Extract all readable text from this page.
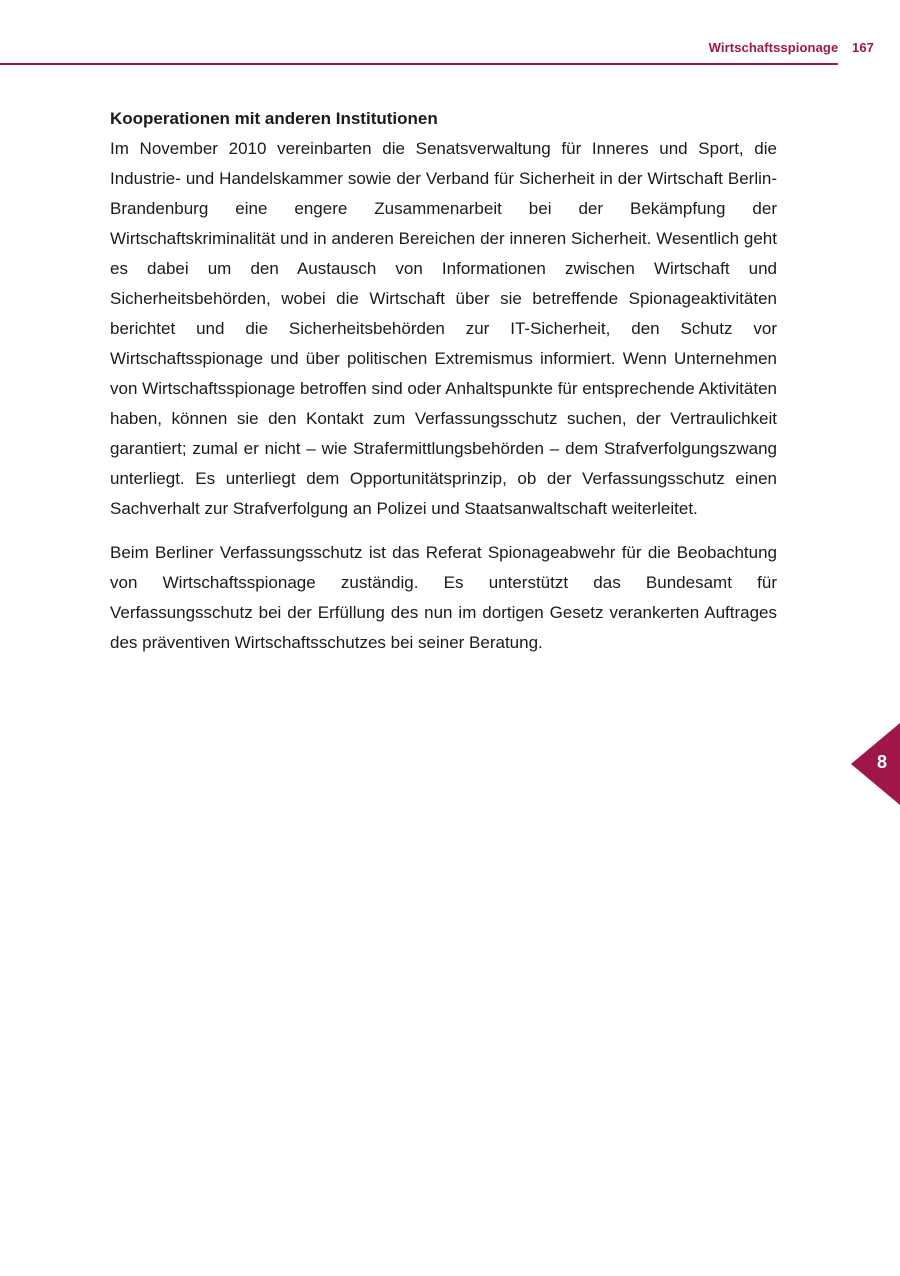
Wirtschaftsspionage 167
Kooperationen mit anderen Institutionen

Im November 2010 vereinbarten die Senatsverwaltung für Inneres und Sport, die Industrie- und Handelskammer sowie der Verband für Sicherheit in der Wirtschaft Berlin-Brandenburg eine engere Zusammenarbeit bei der Bekämpfung der Wirtschaftskriminalität und in anderen Bereichen der inneren Sicherheit. Wesentlich geht es dabei um den Austausch von Informationen zwischen Wirtschaft und Sicherheitsbehörden, wobei die Wirtschaft über sie betreffende Spionageaktivitäten berichtet und die Sicherheitsbehörden zur IT-Sicherheit, den Schutz vor Wirtschaftsspionage und über politischen Extremismus informiert. Wenn Unternehmen von Wirtschaftsspionage betroffen sind oder Anhaltspunkte für entsprechende Aktivitäten haben, können sie den Kontakt zum Verfassungsschutz suchen, der Vertraulichkeit garantiert; zumal er nicht – wie Strafermittlungsbehörden – dem Strafverfolgungszwang unterliegt. Es unterliegt dem Opportunitätsprinzip, ob der Verfassungsschutz einen Sachverhalt zur Strafverfolgung an Polizei und Staatsanwaltschaft weiterleitet.

Beim Berliner Verfassungsschutz ist das Referat Spionageabwehr für die Beobachtung von Wirtschaftsspionage zuständig. Es unterstützt das Bundesamt für Verfassungsschutz bei der Erfüllung des nun im dortigen Gesetz verankerten Auftrages des präventiven Wirtschaftsschutzes bei seiner Beratung.

8
